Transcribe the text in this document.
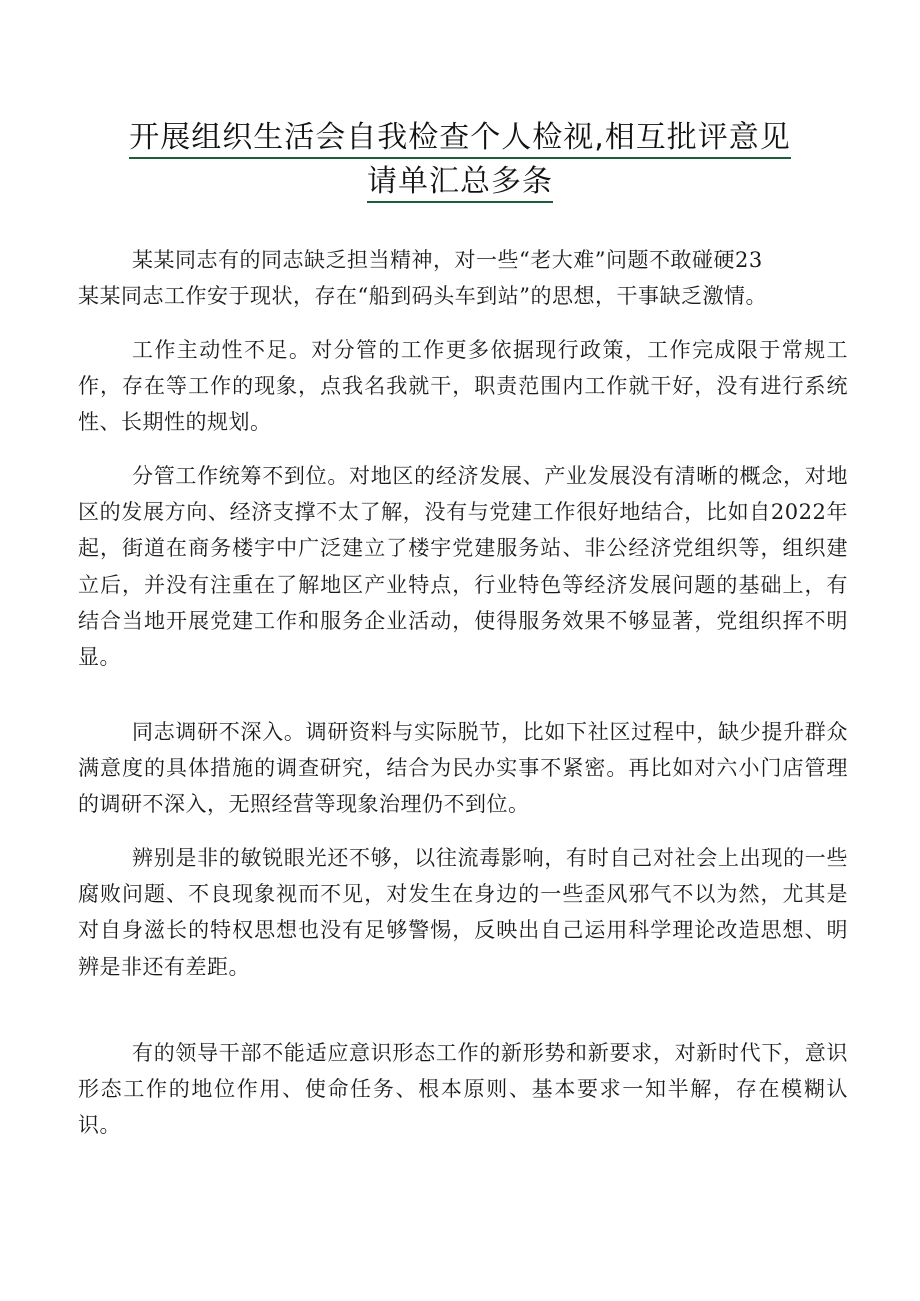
开展组织生活会自我检查个人检视,相互批评意见
请单汇总多条

某某同志有的同志缺乏担当精神，对一些“老大难”问题不敢碰硬23

某某同志工作安于现状，存在“船到码头车到站”的思想，干事缺乏激情。

工作主动性不足。对分管的工作更多依据现行政策，工作完成限于常规工作，存在等工作的现象，点我名我就干，职责范围内工作就干好，没有进行系统性、长期性的规划。

分管工作统筹不到位。对地区的经济发展、产业发展没有清晰的概念，对地区的发展方向、经济支撑不太了解，没有与党建工作很好地结合，比如自2022年起，街道在商务楼宇中广泛建立了楼宇党建服务站、非公经济党组织等，组织建立后，并没有注重在了解地区产业特点，行业特色等经济发展问题的基础上，有结合当地开展党建工作和服务企业活动，使得服务效果不够显著，党组织挥不明显。

同志调研不深入。调研资料与实际脱节，比如下社区过程中，缺少提升群众满意度的具体措施的调查研究，结合为民办实事不紧密。再比如对六小门店管理的调研不深入，无照经营等现象治理仍不到位。

辨别是非的敏锐眼光还不够，以往流毒影响，有时自己对社会上出现的一些腐败问题、不良现象视而不见，对发生在身边的一些歪风邪气不以为然，尤其是对自身滋长的特权思想也没有足够警惕，反映出自己运用科学理论改造思想、明辨是非还有差距。

有的领导干部不能适应意识形态工作的新形势和新要求，对新时代下，意识形态工作的地位作用、使命任务、根本原则、基本要求一知半解，存在模糊认识。
